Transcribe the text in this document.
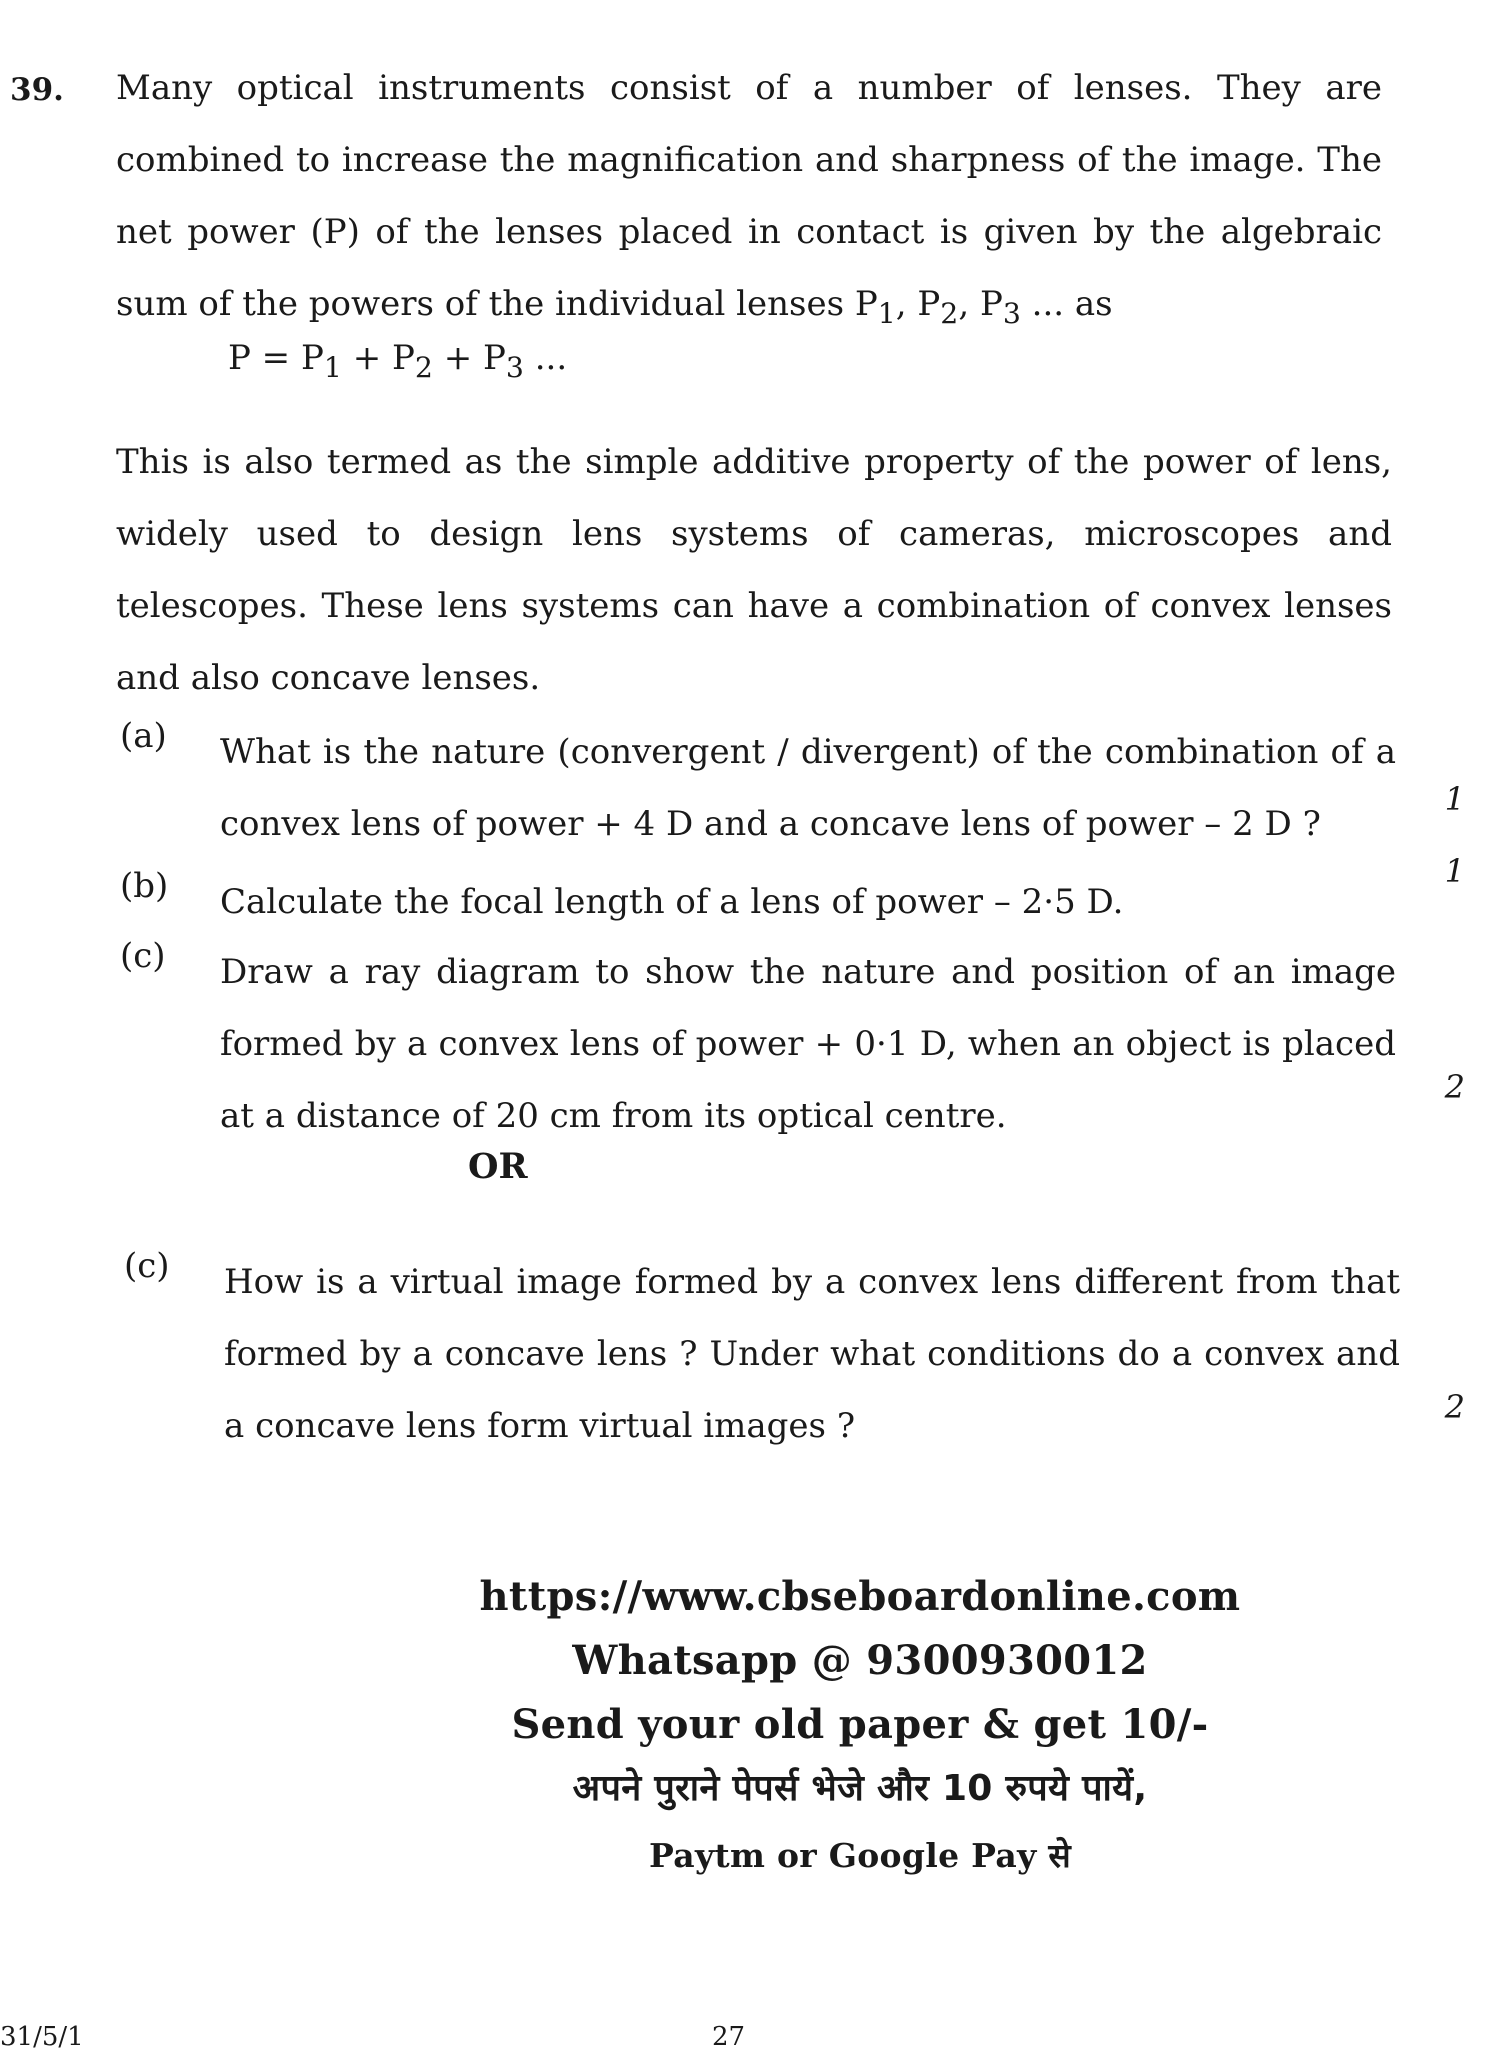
39. Many optical instruments consist of a number of lenses. They are combined to increase the magnification and sharpness of the image. The net power (P) of the lenses placed in contact is given by the algebraic sum of the powers of the individual lenses $P_1$, $P_2$, $P_3$ ... as
$P = P_1 + P_2 + P_3$ ...
This is also termed as the simple additive property of the power of lens, widely used to design lens systems of cameras, microscopes and telescopes. These lens systems can have a combination of convex lenses and also concave lenses.
(a) What is the nature (convergent / divergent) of the combination of a convex lens of power + 4 D and a concave lens of power – 2 D ?
1
(b) Calculate the focal length of a lens of power – 2·5 D.
1
(c) Draw a ray diagram to show the nature and position of an image formed by a convex lens of power + 0·1 D, when an object is placed at a distance of 20 cm from its optical centre.
2
OR
(c) How is a virtual image formed by a convex lens different from that formed by a concave lens ? Under what conditions do a convex and a concave lens form virtual images ?	2
https://www.cbseboardonline.com
Whatsapp @ 9300930012
Send your old paper & get 10/-
अपने पुराने पेपर्स भेजे और 10 रुपये पायें,
Paytm or Google Pay से
31/5/1	27
